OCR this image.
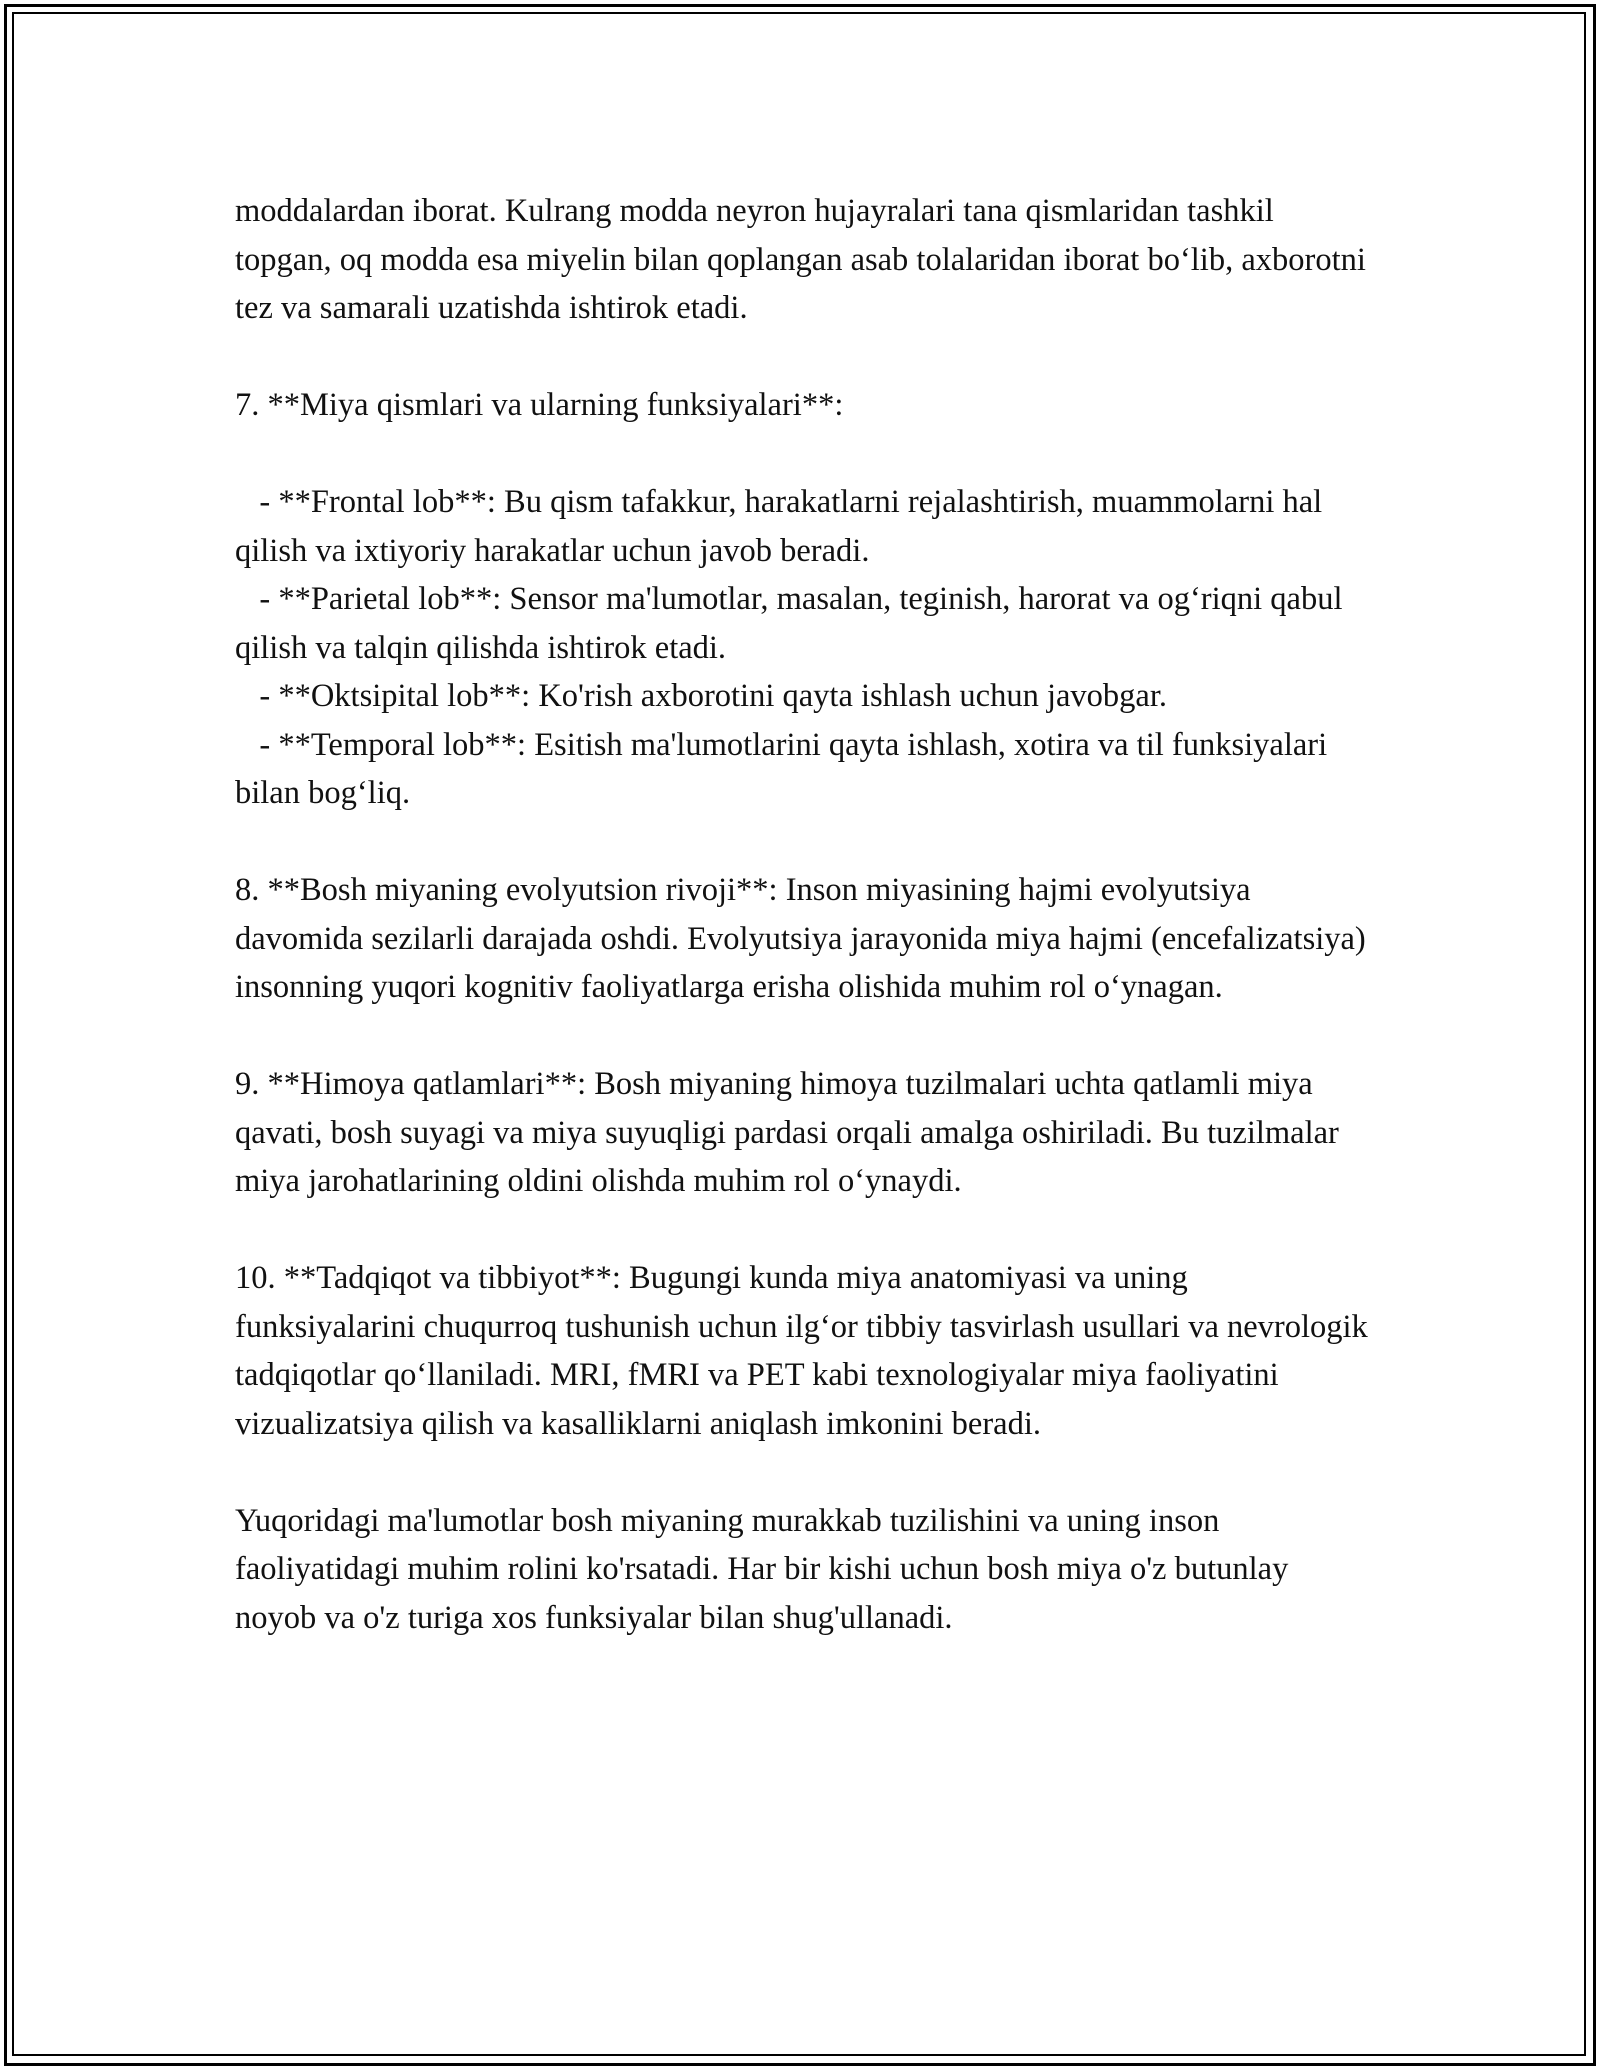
moddalardan iborat. Kulrang modda neyron hujayralari tana qismlaridan tashkil topgan, oq modda esa miyelin bilan qoplangan asab tolalaridan iborat bo‘lib, axborotni tez va samarali uzatishda ishtirok etadi.

7. **Miya qismlari va ularning funksiyalari**:

- **Frontal lob**: Bu qism tafakkur, harakatlarni rejalashtirish, muammolarni hal qilish va ixtiyoriy harakatlar uchun javob beradi.

- **Parietal lob**: Sensor ma'lumotlar, masalan, teginish, harorat va og‘riqni qabul qilish va talqin qilishda ishtirok etadi.

- **Oktsipital lob**: Ko'rish axborotini qayta ishlash uchun javobgar.

- **Temporal lob**: Esitish ma'lumotlarini qayta ishlash, xotira va til funksiyalari bilan bog‘liq.

8. **Bosh miyaning evolyutsion rivoji**: Inson miyasining hajmi evolyutsiya davomida sezilarli darajada oshdi. Evolyutsiya jarayonida miya hajmi (encefalizatsiya) insonning yuqori kognitiv faoliyatlarga erisha olishida muhim rol o‘ynagan.

9. **Himoya qatlamlari**: Bosh miyaning himoya tuzilmalari uchta qatlamli miya qavati, bosh suyagi va miya suyuqligi pardasi orqali amalga oshiriladi. Bu tuzilmalar miya jarohatlarining oldini olishda muhim rol o‘ynaydi.

10. **Tadqiqot va tibbiyot**: Bugungi kunda miya anatomiyasi va uning funksiyalarini chuqurroq tushunish uchun ilg‘or tibbiy tasvirlash usullari va nevrologik tadqiqotlar qo‘llaniladi. MRI, fMRI va PET kabi texnologiyalar miya faoliyatini vizualizatsiya qilish va kasalliklarni aniqlash imkonini beradi.

Yuqoridagi ma'lumotlar bosh miyaning murakkab tuzilishini va uning inson faoliyatidagi muhim rolini ko'rsatadi. Har bir kishi uchun bosh miya o'z butunlay noyob va o'z turiga xos funksiyalar bilan shug'ullanadi.
